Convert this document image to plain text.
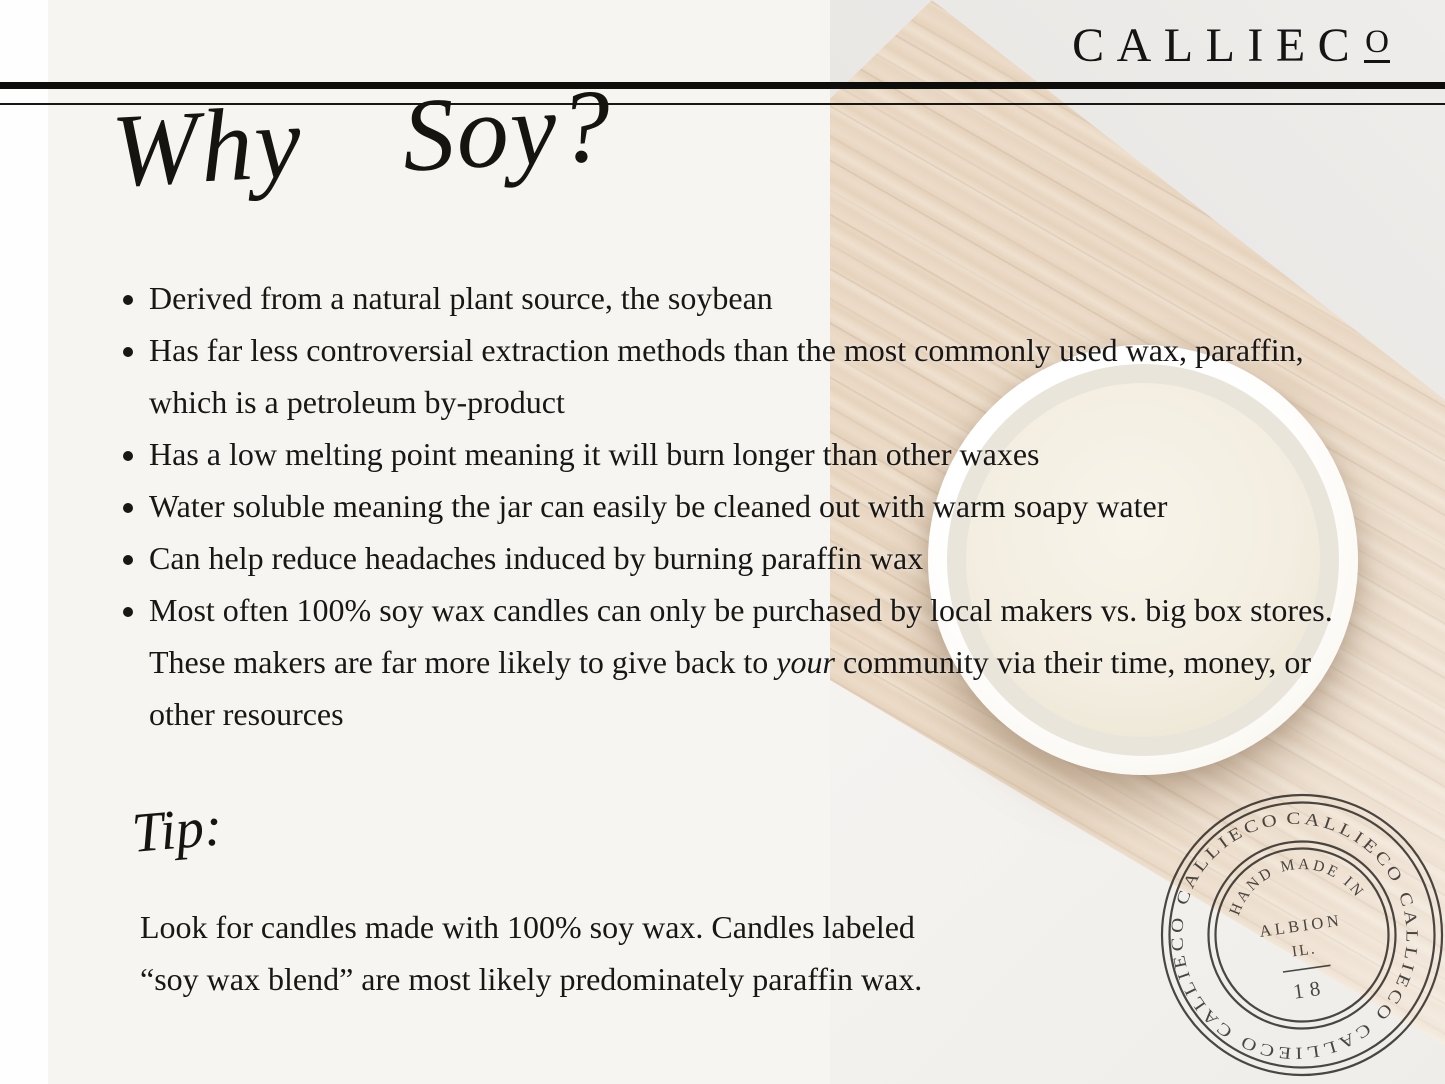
CALLIECO
Why Soy?
• Derived from a natural plant source, the soybean
• Has far less controversial extraction methods than the most commonly used wax, paraffin, which is a petroleum by-product
• Has a low melting point meaning it will burn longer than other waxes
• Water soluble meaning the jar can easily be cleaned out with warm soapy water
• Can help reduce headaches induced by burning paraffin wax
• Most often 100% soy wax candles can only be purchased by local makers vs. big box stores. These makers are far more likely to give back to your community via their time, money, or other resources
Tip:
Look for candles made with 100% soy wax. Candles labeled “soy wax blend” are most likely predominately paraffin wax.
CALLIECO CALLIECO CALLIECO CALLIECO CALLIECO
HAND MADE IN
ALBION
IL.
18
